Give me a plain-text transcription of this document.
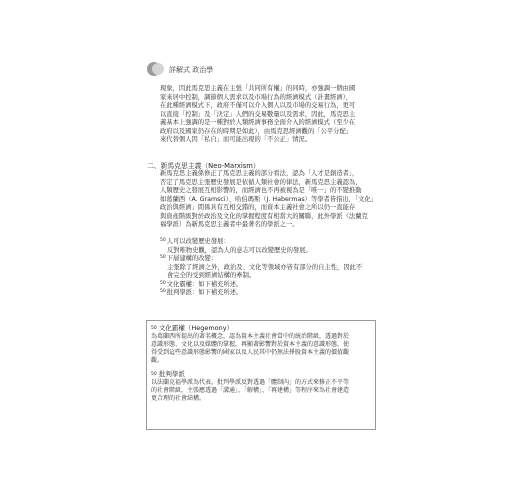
詳解式 政治學
現象，因此馬克思主義在主張「共同所有權」的同時，亦強調一個由國
家來居中控制，調節個人需求以及市場行為的經濟模式（計畫經濟），
在此種經濟模式下，政府不僅可以介入個人以及市場的交易行為，更可
以直接「控制」及「決定」人們的交易數量以及需求，因此，馬克思主
義基本上強調的是一種對於人類經濟事務全面介入的經濟模式（至少在
政府以及國家仍存在的時期是如此），由馬克思經濟觀的「公平分配」
來代替個人因「私自」而可能出現的「不公正」情況。
二、新馬克思主義（Neo-Marxism）
新馬克思主義係修正了馬克思主義的部分看法，認為「人才是創造者」，
否定了馬克思主張歷史發展是依循人類社會的律法，新馬克思主義認為，
人類歷史之發展互相影響的，而經濟也不再被視為是「唯一」的不變推動
如葛蘭西（A. Gramsci）、哈伯瑪斯（J. Habermas）等學者皆指出，「文化」
政治與經濟」間係具有互相交錯的，而資本主義社會之所以仍一直能存
與資產階級對於政治及文化的掌握程度有相當大的關聯，此外學派（法蘭克
福學派）為新馬克思主義者中最著名的學派之一。
50 人可以改變歷史發展：
反對唯物史觀，認為人的意志可以改變歷史的發展。
50 下層建構的改變：
主張除了經濟之外，政治及、文化等領域亦皆有部分的自主性，因此不
會完全的受到經濟結構的牽制。
50 文化霸權：如下補充所述。
50 批判學派：如下補充所述。
$^{50}$ 文化霸權（Hegemony）
為葛蘭西所提出的著名概念，認為資本主義社會當中的統治階級，透過對於
意識形態、文化以及媒體的掌握，再顯著影響對於資本主義的意識形態，使
得受到這些意識形態影響的國家以及人民其中仍無法掙脫資本主義的價值觀
觀。
$^{50}$ 批判學派
以法蘭克福學派為代表，批判學派反對透過「體制內」的方式來修正不平等
的社會階級，主張應透過「溝通」、「解構」、「再建構」等程序來為社會建造
更合理的社會結構。
